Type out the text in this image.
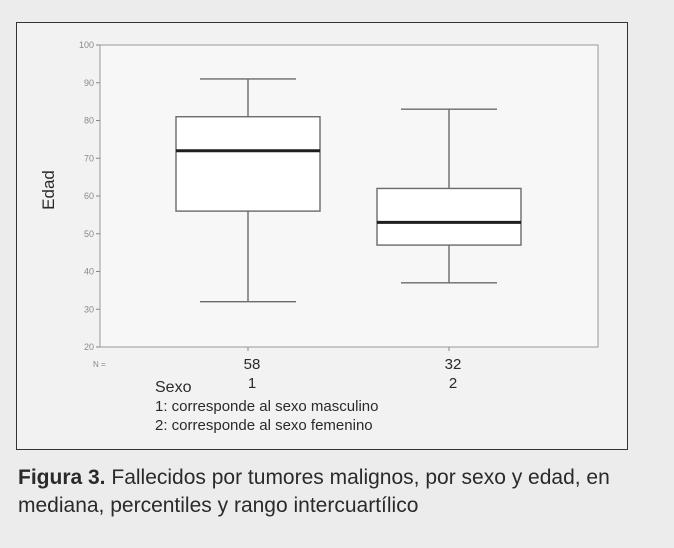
20
30
40
50
60
70
80
90
100
58
1
32
2
Edad
N =
Sexo
1: corresponde al sexo masculino
2: corresponde al sexo femenino
Figura 3. Fallecidos por tumores malignos, por sexo y edad, en mediana, percentiles y rango intercuartílico
